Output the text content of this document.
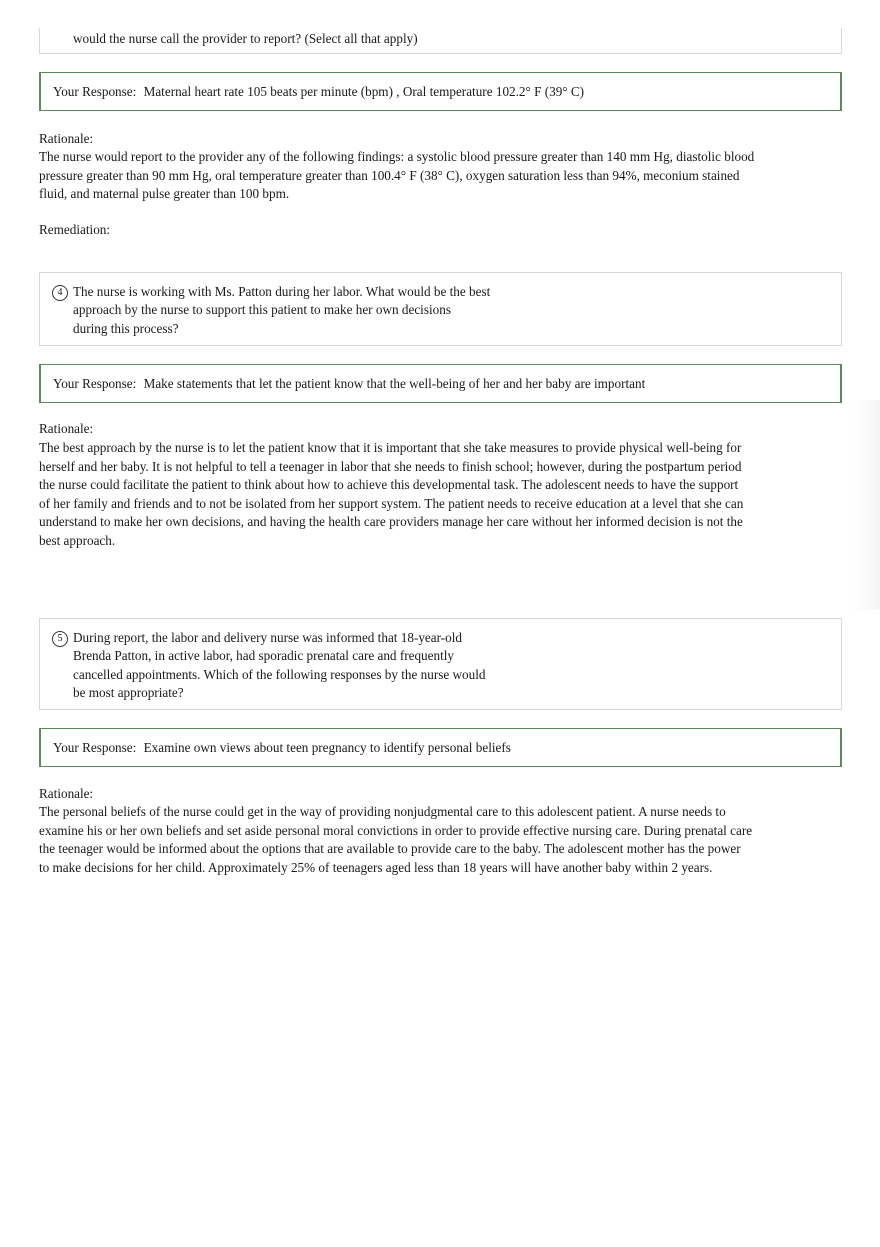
would the nurse call the provider to report? (Select all that apply)
Your Response: Maternal heart rate 105 beats per minute (bpm) , Oral temperature 102.2° F (39° C)
Rationale:
The nurse would report to the provider any of the following findings: a systolic blood pressure greater than 140 mm Hg, diastolic blood
pressure greater than 90 mm Hg, oral temperature greater than 100.4° F (38° C), oxygen saturation less than 94%, meconium stained
fluid, and maternal pulse greater than 100 bpm.
Remediation:
4 The nurse is working with Ms. Patton during her labor. What would be the best
approach by the nurse to support this patient to make her own decisions
during this process?
Your Response: Make statements that let the patient know that the well-being of her and her baby are important
Rationale:
The best approach by the nurse is to let the patient know that it is important that she take measures to provide physical well-being for
herself and her baby. It is not helpful to tell a teenager in labor that she needs to finish school; however, during the postpartum period
the nurse could facilitate the patient to think about how to achieve this developmental task. The adolescent needs to have the support
of her family and friends and to not be isolated from her support system. The patient needs to receive education at a level that she can
understand to make her own decisions, and having the health care providers manage her care without her informed decision is not the
best approach.
5 During report, the labor and delivery nurse was informed that 18-year-old
Brenda Patton, in active labor, had sporadic prenatal care and frequently
cancelled appointments. Which of the following responses by the nurse would
be most appropriate?
Your Response: Examine own views about teen pregnancy to identify personal beliefs
Rationale:
The personal beliefs of the nurse could get in the way of providing nonjudgmental care to this adolescent patient. A nurse needs to
examine his or her own beliefs and set aside personal moral convictions in order to provide effective nursing care. During prenatal care
the teenager would be informed about the options that are available to provide care to the baby. The adolescent mother has the power
to make decisions for her child. Approximately 25% of teenagers aged less than 18 years will have another baby within 2 years.
